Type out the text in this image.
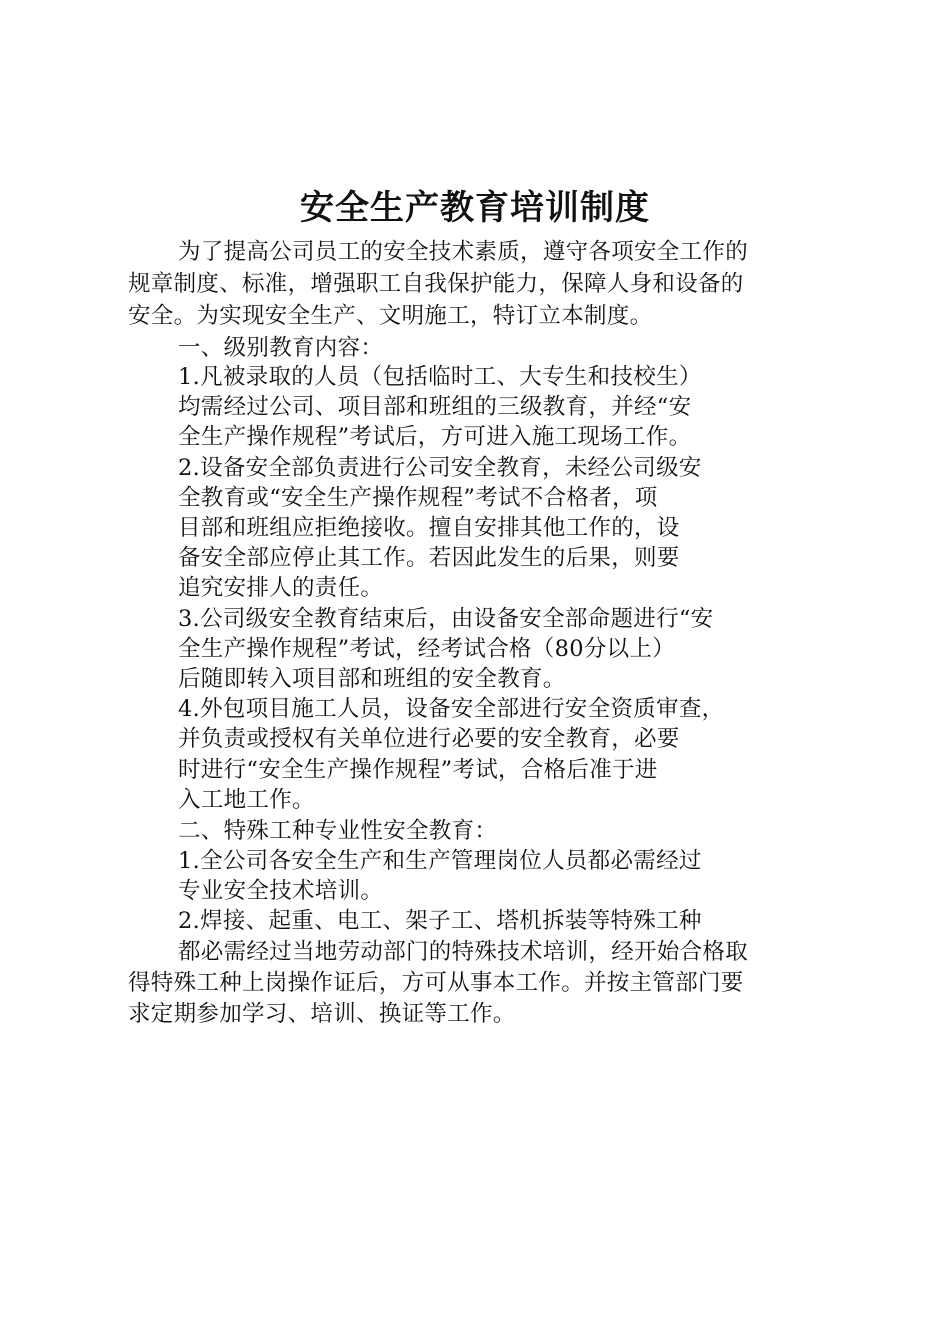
安全生产教育培训制度
为了提高公司员工的安全技术素质，遵守各项安全工作的
规章制度、标准，增强职工自我保护能力，保障人身和设备的
安全。为实现安全生产、文明施工，特订立本制度。
一、级别教育内容：
1.凡被录取的人员（包括临时工、大专生和技校生）
均需经过公司、项目部和班组的三级教育，并经“安
全生产操作规程”考试后，方可进入施工现场工作。
2.设备安全部负责进行公司安全教育，未经公司级安
全教育或“安全生产操作规程”考试不合格者，项
目部和班组应拒绝接收。擅自安排其他工作的，设
备安全部应停止其工作。若因此发生的后果，则要
追究安排人的责任。
3.公司级安全教育结束后，由设备安全部命题进行“安
全生产操作规程”考试，经考试合格（80分以上）
后随即转入项目部和班组的安全教育。
4.外包项目施工人员，设备安全部进行安全资质审查，
并负责或授权有关单位进行必要的安全教育，必要
时进行“安全生产操作规程”考试，合格后准于进
入工地工作。
二、特殊工种专业性安全教育：
1.全公司各安全生产和生产管理岗位人员都必需经过
专业安全技术培训。
2.焊接、起重、电工、架子工、塔机拆装等特殊工种
都必需经过当地劳动部门的特殊技术培训，经开始合格取
得特殊工种上岗操作证后，方可从事本工作。并按主管部门要
求定期参加学习、培训、换证等工作。
